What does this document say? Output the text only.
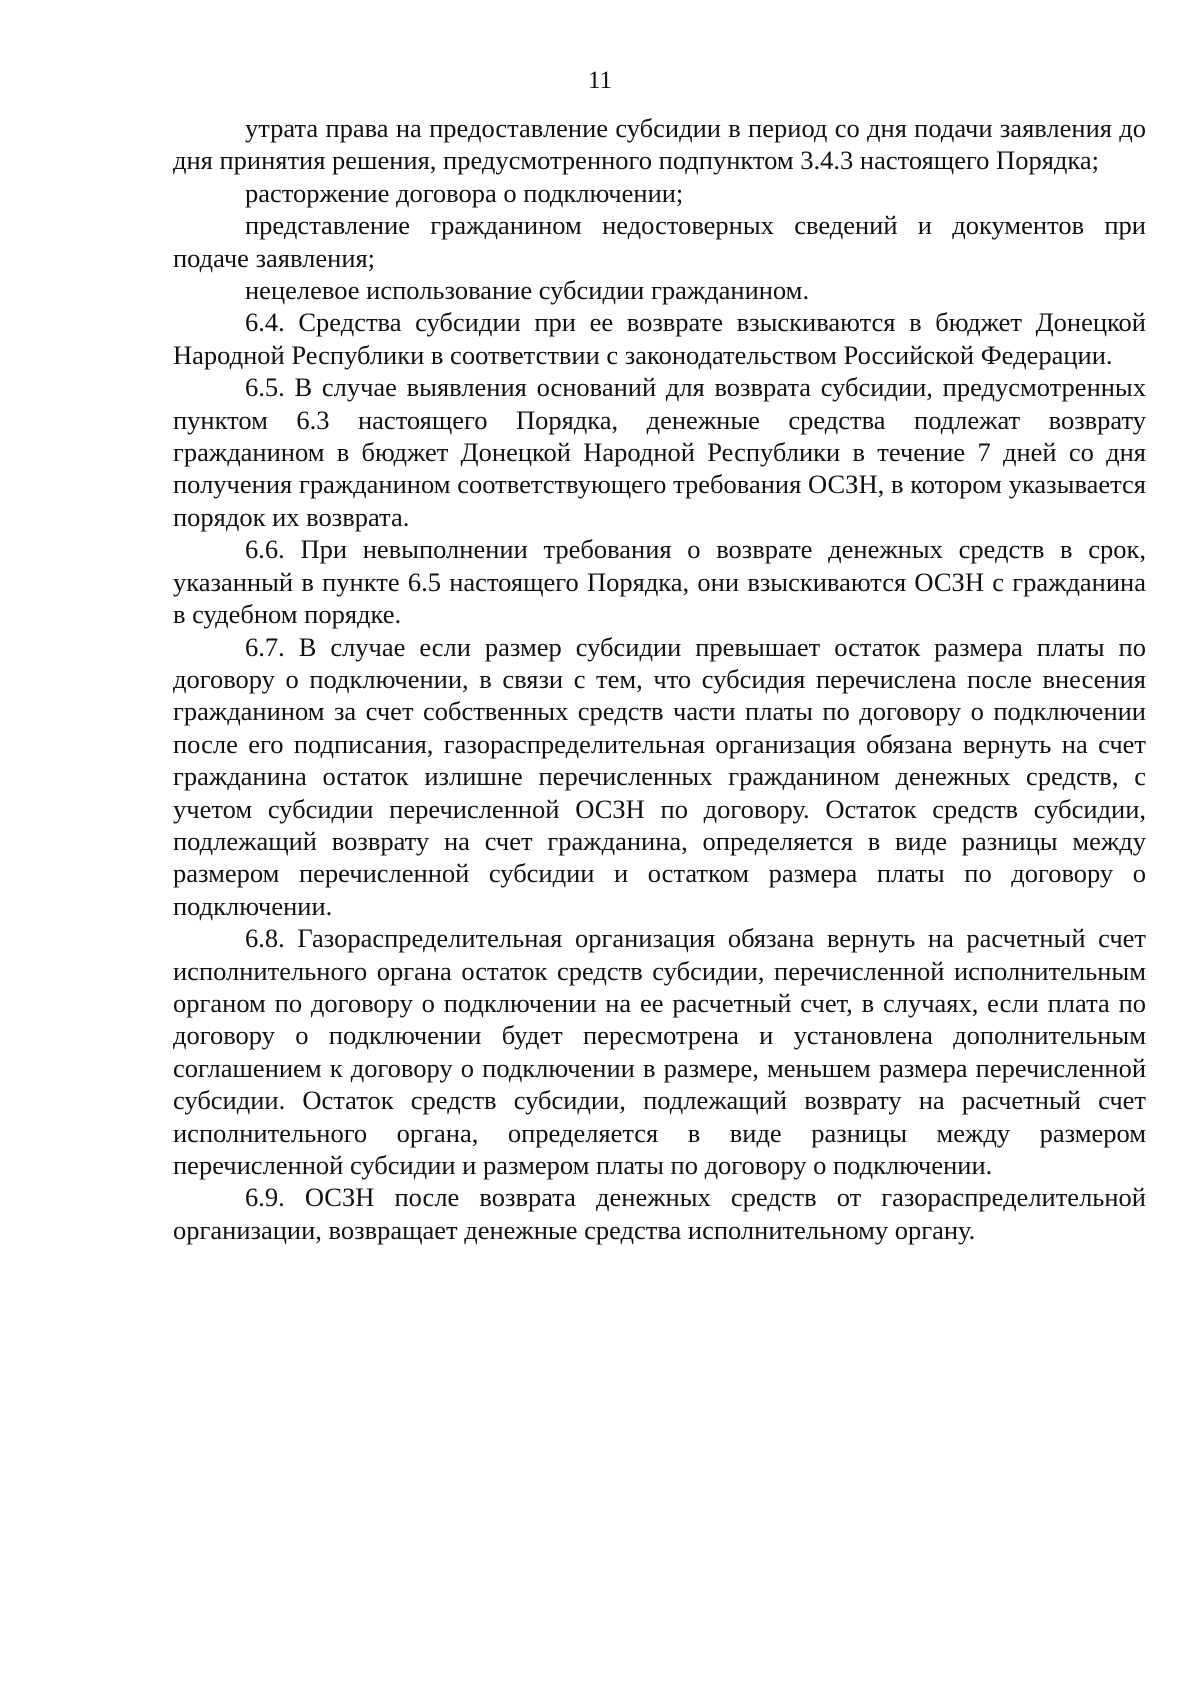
11

утрата права на предоставление субсидии в период со дня подачи заявления до дня принятия решения, предусмотренного подпунктом 3.4.3 настоящего Порядка;

расторжение договора о подключении;

представление гражданином недостоверных сведений и документов при подаче заявления;

нецелевое использование субсидии гражданином.

6.4. Средства субсидии при ее возврате взыскиваются в бюджет Донецкой Народной Республики в соответствии с законодательством Российской Федерации.

6.5. В случае выявления оснований для возврата субсидии, предусмотренных пунктом 6.3 настоящего Порядка, денежные средства подлежат возврату гражданином в бюджет Донецкой Народной Республики в течение 7 дней со дня получения гражданином соответствующего требования ОСЗН, в котором указывается порядок их возврата.

6.6. При невыполнении требования о возврате денежных средств в срок, указанный в пункте 6.5 настоящего Порядка, они взыскиваются ОСЗН с гражданина в судебном порядке.

6.7. В случае если размер субсидии превышает остаток размера платы по договору о подключении, в связи с тем, что субсидия перечислена после внесения гражданином за счет собственных средств части платы по договору о подключении после его подписания, газораспределительная организация обязана вернуть на счет гражданина остаток излишне перечисленных гражданином денежных средств, с учетом субсидии перечисленной ОСЗН по договору. Остаток средств субсидии, подлежащий возврату на счет гражданина, определяется в виде разницы между размером перечисленной субсидии и остатком размера платы по договору о подключении.

6.8. Газораспределительная организация обязана вернуть на расчетный счет исполнительного органа остаток средств субсидии, перечисленной исполнительным органом по договору о подключении на ее расчетный счет, в случаях, если плата по договору о подключении будет пересмотрена и установлена дополнительным соглашением к договору о подключении в размере, меньшем размера перечисленной субсидии. Остаток средств субсидии, подлежащий возврату на расчетный счет исполнительного органа, определяется в виде разницы между размером перечисленной субсидии и размером платы по договору о подключении.

6.9. ОСЗН после возврата денежных средств от газораспределительной организации, возвращает денежные средства исполнительному органу.
